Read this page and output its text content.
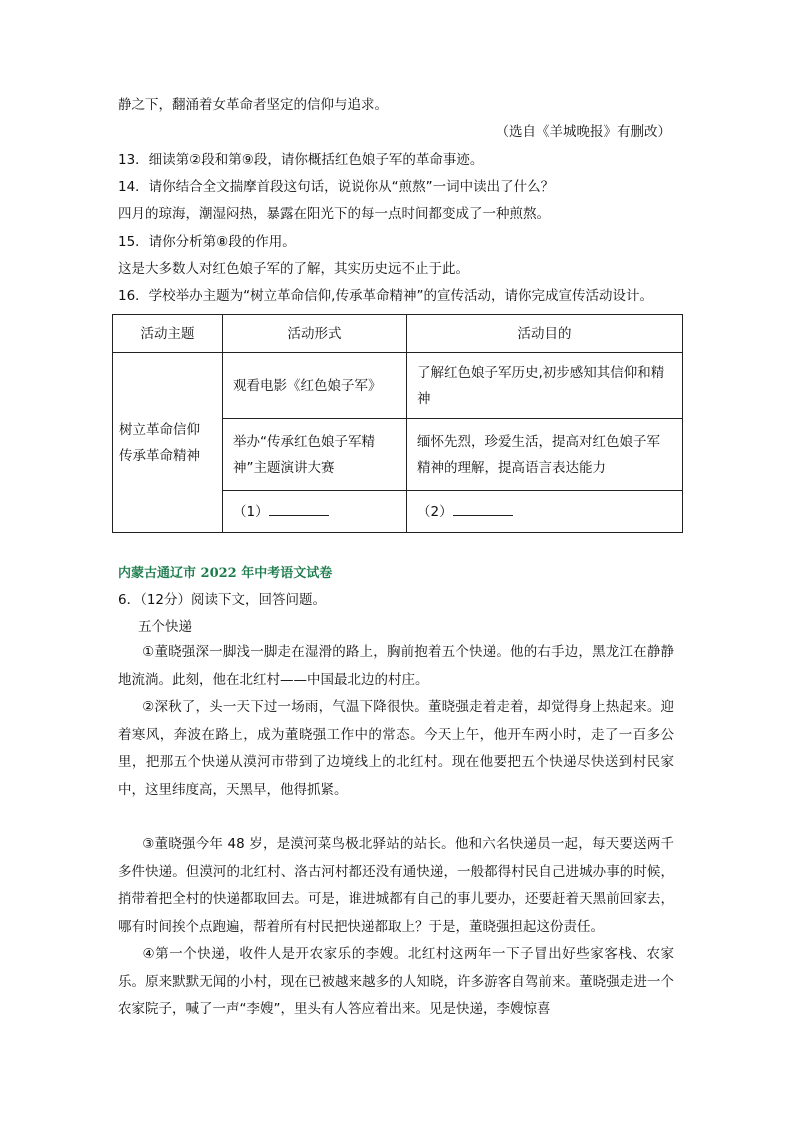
静之下，翻涌着女革命者坚定的信仰与追求。
（选自《羊城晚报》有删改）
13．细读第②段和第⑨段，请你概括红色娘子军的革命事迹。
14．请你结合全文揣摩首段这句话，说说你从“煎熬”一词中读出了什么？
四月的琼海，潮湿闷热，暴露在阳光下的每一点时间都变成了一种煎熬。
15．请你分析第⑧段的作用。
这是大多数人对红色娘子军的了解，其实历史远不止于此。
16．学校举办主题为“树立革命信仰,传承革命精神”的宣传活动，请你完成宣传活动设计。
活动主题	活动形式	活动目的

树立革命信仰
传承革命精神	观看电影《红色娘子军》	了解红色娘子军历史,初步感知其信仰和精神
	举办“传承红色娘子军精神”主题演讲大赛	缅怀先烈，珍爱生活，提高对红色娘子军精神的理解，提高语言表达能力
	（1）	（2）
内蒙古通辽市 2022 年中考语文试卷
6．（12分）阅读下文，回答问题。
五个快递
①董晓强深一脚浅一脚走在湿滑的路上，胸前抱着五个快递。他的右手边，黑龙江在静静地流淌。此刻，他在北红村——中国最北边的村庄。
②深秋了，头一天下过一场雨，气温下降很快。董晓强走着走着，却觉得身上热起来。迎着寒风，奔波在路上，成为董晓强工作中的常态。今天上午，他开车两小时，走了一百多公里，把那五个快递从漠河市带到了边境线上的北红村。现在他要把五个快递尽快送到村民家中，这里纬度高，天黑早，他得抓紧。
③董晓强今年 48 岁，是漠河菜鸟极北驿站的站长。他和六名快递员一起，每天要送两千多件快递。但漠河的北红村、洛古河村都还没有通快递，一般都得村民自己进城办事的时候，捎带着把全村的快递都取回去。可是，谁进城都有自己的事儿要办，还要赶着天黑前回家去，哪有时间挨个点跑遍，帮着所有村民把快递都取上？于是，董晓强担起这份责任。
④第一个快递，收件人是开农家乐的李嫂。北红村这两年一下子冒出好些家客栈、农家乐。原来默默无闻的小村，现在已被越来越多的人知晓，许多游客自驾前来。董晓强走进一个农家院子，喊了一声“李嫂”，里头有人答应着出来。见是快递，李嫂惊喜
